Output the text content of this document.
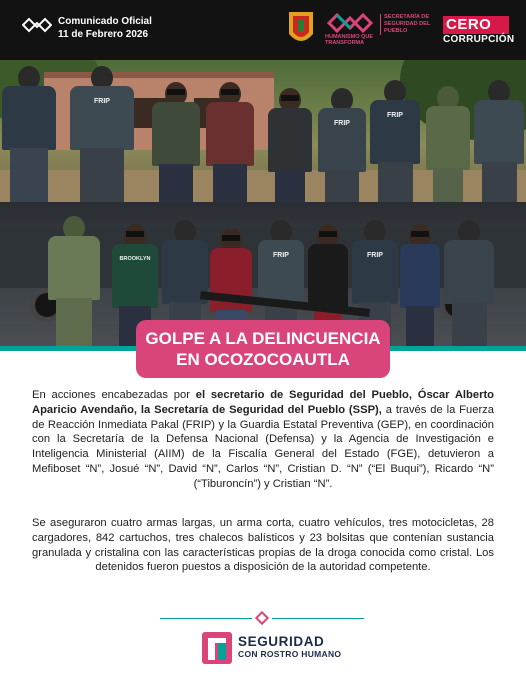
Comunicado Oficial
11 de Febrero 2026	HUMANISMO QUE TRANSFORMA
SECRETARÍA DE SEGURIDAD DEL PUEBLO	CERO
CORRUPCIÓN
FRIP
FRIP
FRIP
BROOKLYN	FRIP	FRIP
GOLPE A LA DELINCUENCIA
EN OCOZOCOAUTLA

En acciones encabezadas por el secretario de Seguridad del Pueblo, Óscar Alberto Aparicio Avendaño, la Secretaría de Seguridad del Pueblo (SSP), a través de la Fuerza de Reacción Inmediata Pakal (FRIP) y la Guardia Estatal Preventiva (GEP), en coordinación con la Secretaría de la Defensa Nacional (Defensa) y la Agencia de Investigación e Inteligencia Ministerial (AIIM) de la Fiscalía General del Estado (FGE), detuvieron a Mefiboset “N”, Josué “N”, David “N”, Carlos “N”, Cristian D. “N” (“El Buqui”), Ricardo “N” (“Tiburoncín”) y Cristian “N”.

Se aseguraron cuatro armas largas, un arma corta, cuatro vehículos, tres motocicletas, 28 cargadores, 842 cartuchos, tres chalecos balísticos y 23 bolsitas que contenían sustancia granulada y cristalina con las características propias de la droga conocida como cristal. Los detenidos fueron puestos a disposición de la autoridad competente.

SEGURIDAD
CON ROSTRO HUMANO
